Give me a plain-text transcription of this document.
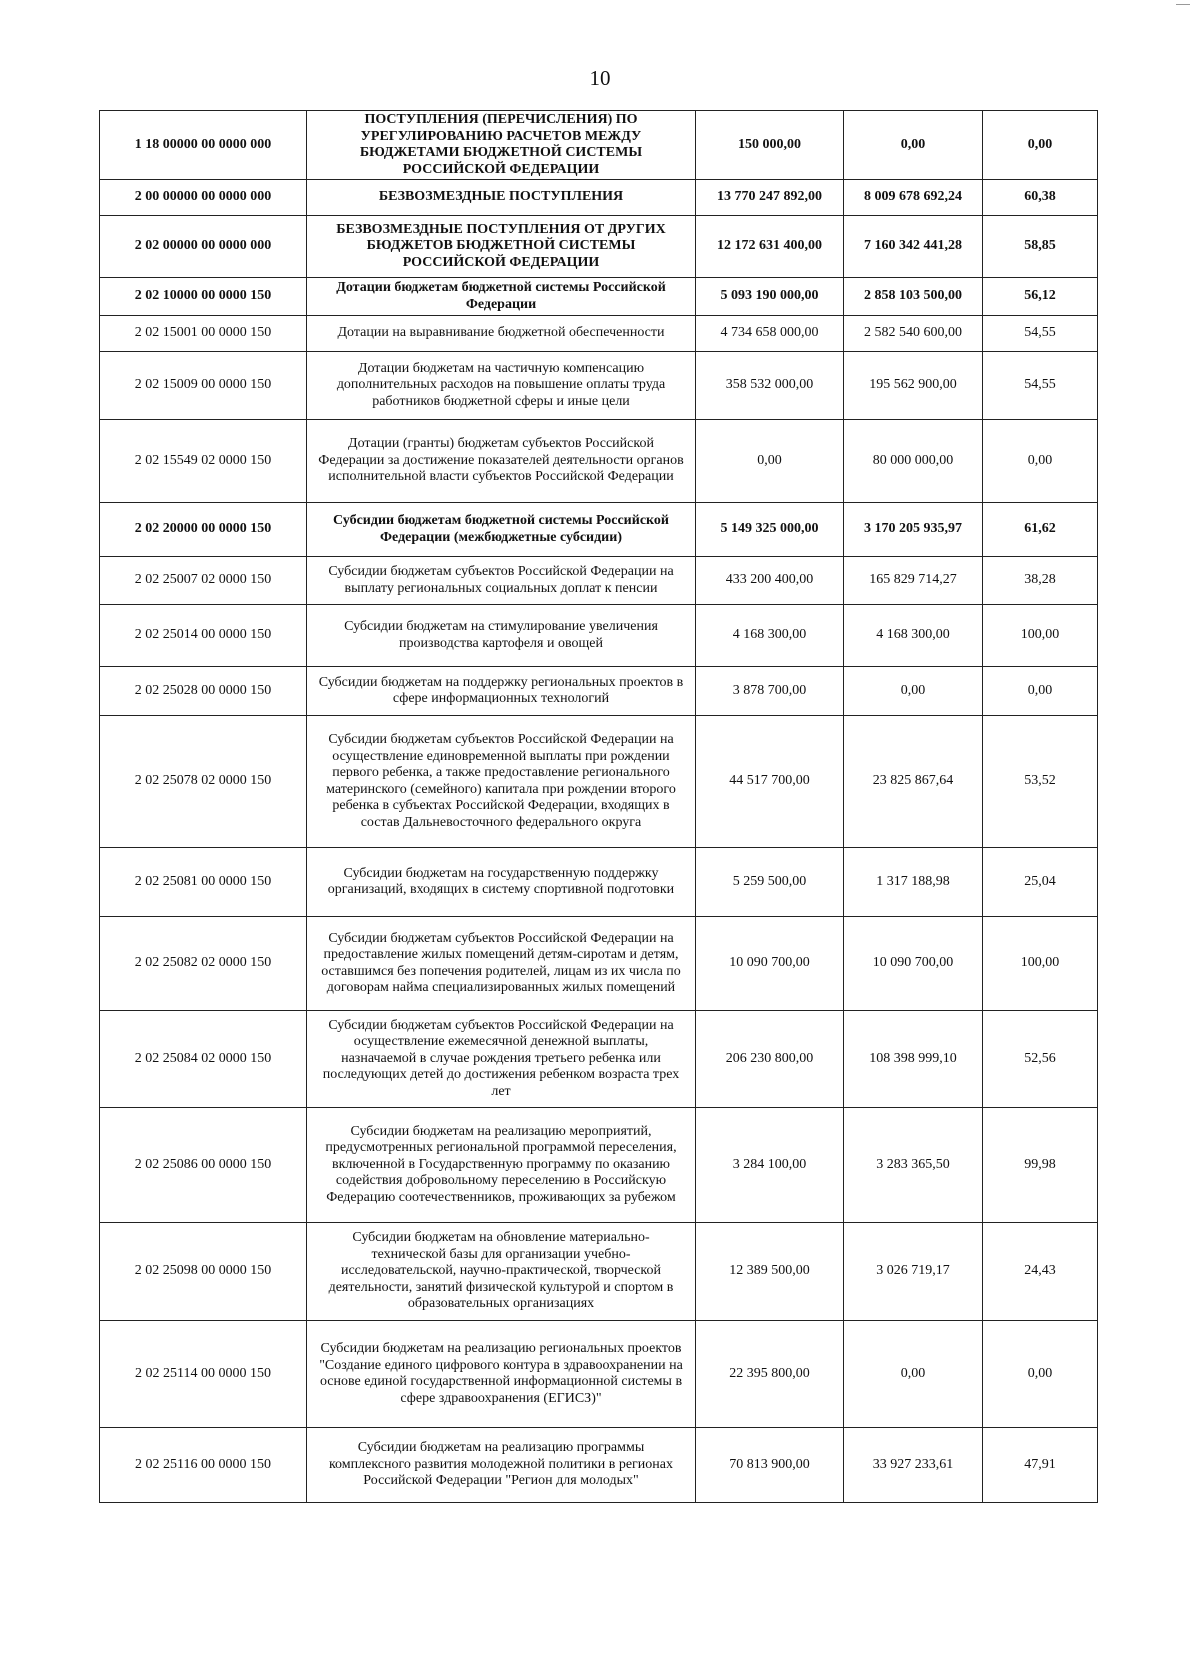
10
1 18 00000 00 0000 000	ПОСТУПЛЕНИЯ (ПЕРЕЧИСЛЕНИЯ) ПО УРЕГУЛИРОВАНИЮ РАСЧЕТОВ МЕЖДУ БЮДЖЕТАМИ БЮДЖЕТНОЙ СИСТЕМЫ РОССИЙСКОЙ ФЕДЕРАЦИИ	150 000,00	0,00	0,00
2 00 00000 00 0000 000	БЕЗВОЗМЕЗДНЫЕ ПОСТУПЛЕНИЯ	13 770 247 892,00	8 009 678 692,24	60,38
2 02 00000 00 0000 000	БЕЗВОЗМЕЗДНЫЕ ПОСТУПЛЕНИЯ ОТ ДРУГИХ БЮДЖЕТОВ БЮДЖЕТНОЙ СИСТЕМЫ РОССИЙСКОЙ ФЕДЕРАЦИИ	12 172 631 400,00	7 160 342 441,28	58,85
2 02 10000 00 0000 150	Дотации бюджетам бюджетной системы Российской Федерации	5 093 190 000,00	2 858 103 500,00	56,12
2 02 15001 00 0000 150	Дотации на выравнивание бюджетной обеспеченности	4 734 658 000,00	2 582 540 600,00	54,55
2 02 15009 00 0000 150	Дотации бюджетам на частичную компенсацию дополнительных расходов на повышение оплаты труда работников бюджетной сферы и иные цели	358 532 000,00	195 562 900,00	54,55
2 02 15549 02 0000 150	Дотации (гранты) бюджетам субъектов Российской Федерации за достижение показателей деятельности органов исполнительной власти субъектов Российской Федерации	0,00	80 000 000,00	0,00
2 02 20000 00 0000 150	Субсидии бюджетам бюджетной системы Российской Федерации (межбюджетные субсидии)	5 149 325 000,00	3 170 205 935,97	61,62
2 02 25007 02 0000 150	Субсидии бюджетам субъектов Российской Федерации на выплату региональных социальных доплат к пенсии	433 200 400,00	165 829 714,27	38,28
2 02 25014 00 0000 150	Субсидии бюджетам на стимулирование увеличения производства картофеля и овощей	4 168 300,00	4 168 300,00	100,00
2 02 25028 00 0000 150	Субсидии бюджетам на поддержку региональных проектов в сфере информационных технологий	3 878 700,00	0,00	0,00
2 02 25078 02 0000 150	Субсидии бюджетам субъектов Российской Федерации на осуществление единовременной выплаты при рождении первого ребенка, а также предоставление регионального материнского (семейного) капитала при рождении второго ребенка в субъектах Российской Федерации, входящих в состав Дальневосточного федерального округа	44 517 700,00	23 825 867,64	53,52
2 02 25081 00 0000 150	Субсидии бюджетам на государственную поддержку организаций, входящих в систему спортивной подготовки	5 259 500,00	1 317 188,98	25,04
2 02 25082 02 0000 150	Субсидии бюджетам субъектов Российской Федерации на предоставление жилых помещений детям-сиротам и детям, оставшимся без попечения родителей, лицам из их числа по договорам найма специализированных жилых помещений	10 090 700,00	10 090 700,00	100,00
2 02 25084 02 0000 150	Субсидии бюджетам субъектов Российской Федерации на осуществление ежемесячной денежной выплаты, назначаемой в случае рождения третьего ребенка или последующих детей до достижения ребенком возраста трех лет	206 230 800,00	108 398 999,10	52,56
2 02 25086 00 0000 150	Субсидии бюджетам на реализацию мероприятий, предусмотренных региональной программой переселения, включенной в Государственную программу по оказанию содействия добровольному переселению в Российскую Федерацию соотечественников, проживающих за рубежом	3 284 100,00	3 283 365,50	99,98
2 02 25098 00 0000 150	Субсидии бюджетам на обновление материально-технической базы для организации учебно-исследовательской, научно-практической, творческой деятельности, занятий физической культурой и спортом в образовательных организациях	12 389 500,00	3 026 719,17	24,43
2 02 25114 00 0000 150	Субсидии бюджетам на реализацию региональных проектов "Создание единого цифрового контура в здравоохранении на основе единой государственной информационной системы в сфере здравоохранения (ЕГИСЗ)"	22 395 800,00	0,00	0,00
2 02 25116 00 0000 150	Субсидии бюджетам на реализацию программы комплексного развития молодежной политики в регионах Российской Федерации "Регион для молодых"	70 813 900,00	33 927 233,61	47,91
